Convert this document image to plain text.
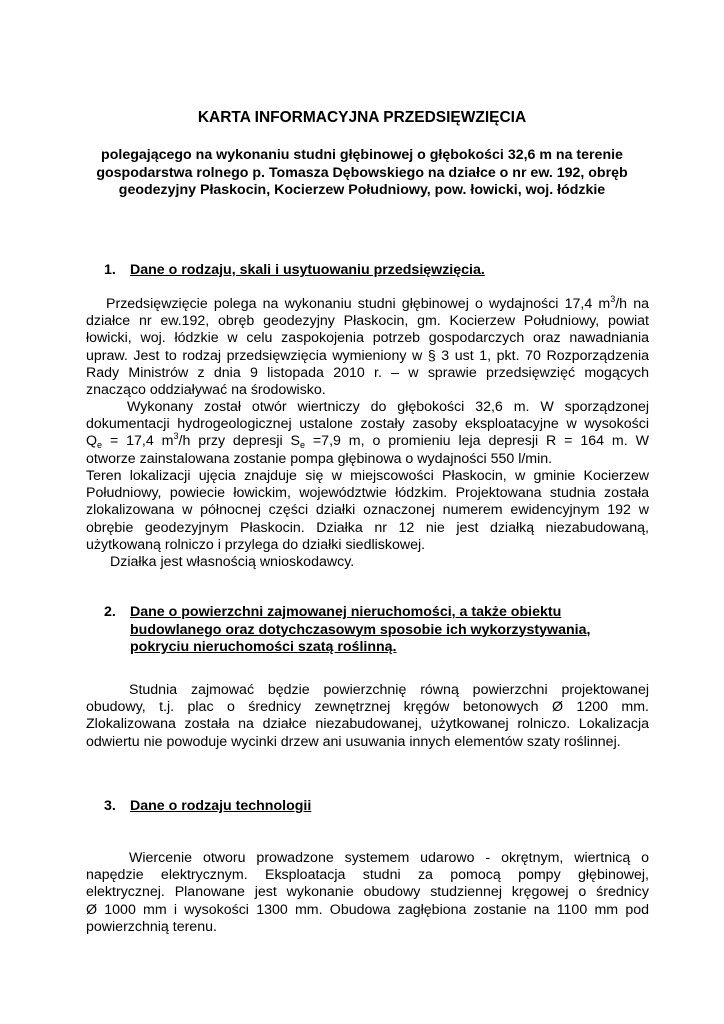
KARTA INFORMACYJNA PRZEDSIĘWZIĘCIA
polegającego na wykonaniu studni głębinowej o głębokości 32,6 m na terenie
gospodarstwa rolnego p. Tomasza Dębowskiego na działce o nr ew. 192, obręb
geodezyjny Płaskocin, Kocierzew Południowy, pow. łowicki, woj. łódzkie
1. Dane o rodzaju, skali i usytuowaniu przedsięwzięcia.
Przedsięwzięcie polega na wykonaniu studni głębinowej o wydajności 17,4 $m^3/h$ na
działce nr ew.192, obręb geodezyjny Płaskocin, gm. Kocierzew Południowy, powiat
łowicki, woj. łódzkie w celu zaspokojenia potrzeb gospodarczych oraz nawadniania
upraw. Jest to rodzaj przedsięwzięcia wymieniony w § 3 ust 1, pkt. 70 Rozporządzenia
Rady Ministrów z dnia 9 listopada 2010 r. – w sprawie przedsięwzięć mogących
znacząco oddziaływać na środowisko.
Wykonany został otwór wiertniczy do głębokości 32,6 m. W sporządzonej
dokumentacji hydrogeologicznej ustalone zostały zasoby eksploatacyjne w wysokości
$Q_e = 17,4$ $m^3/h$ przy depresji $S_e =7,9$ m, o promieniu leja depresji R = 164 m. W
otworze zainstalowana zostanie pompa głębinowa o wydajności 550 l/min.
Teren lokalizacji ujęcia znajduje się w miejscowości Płaskocin, w gminie Kocierzew
Południowy, powiecie łowickim, województwie łódzkim. Projektowana studnia została
zlokalizowana w północnej części działki oznaczonej numerem ewidencyjnym 192 w
obrębie geodezyjnym Płaskocin. Działka nr 12 nie jest działką niezabudowaną,
użytkowaną rolniczo i przylega do działki siedliskowej.
Działka jest własnością wnioskodawcy.
2. Dane o powierzchni zajmowanej nieruchomości, a także obiektu
budowlanego oraz dotychczasowym sposobie ich wykorzystywania,
pokryciu nieruchomości szatą roślinną.
Studnia zajmować będzie powierzchnię równą powierzchni projektowanej
obudowy, t.j. plac o średnicy zewnętrznej kręgów betonowych Ø 1200 mm.
Zlokalizowana została na działce niezabudowanej, użytkowanej rolniczo. Lokalizacja
odwiertu nie powoduje wycinki drzew ani usuwania innych elementów szaty roślinnej.
3. Dane o rodzaju technologii
Wiercenie otworu prowadzone systemem udarowo - okrętnym, wiertnicą o
napędzie elektrycznym. Eksploatacja studni za pomocą pompy głębinowej,
elektrycznej. Planowane jest wykonanie obudowy studziennej kręgowej o średnicy
Ø 1000 mm i wysokości 1300 mm. Obudowa zagłębiona zostanie na 1100 mm pod
powierzchnią terenu.
